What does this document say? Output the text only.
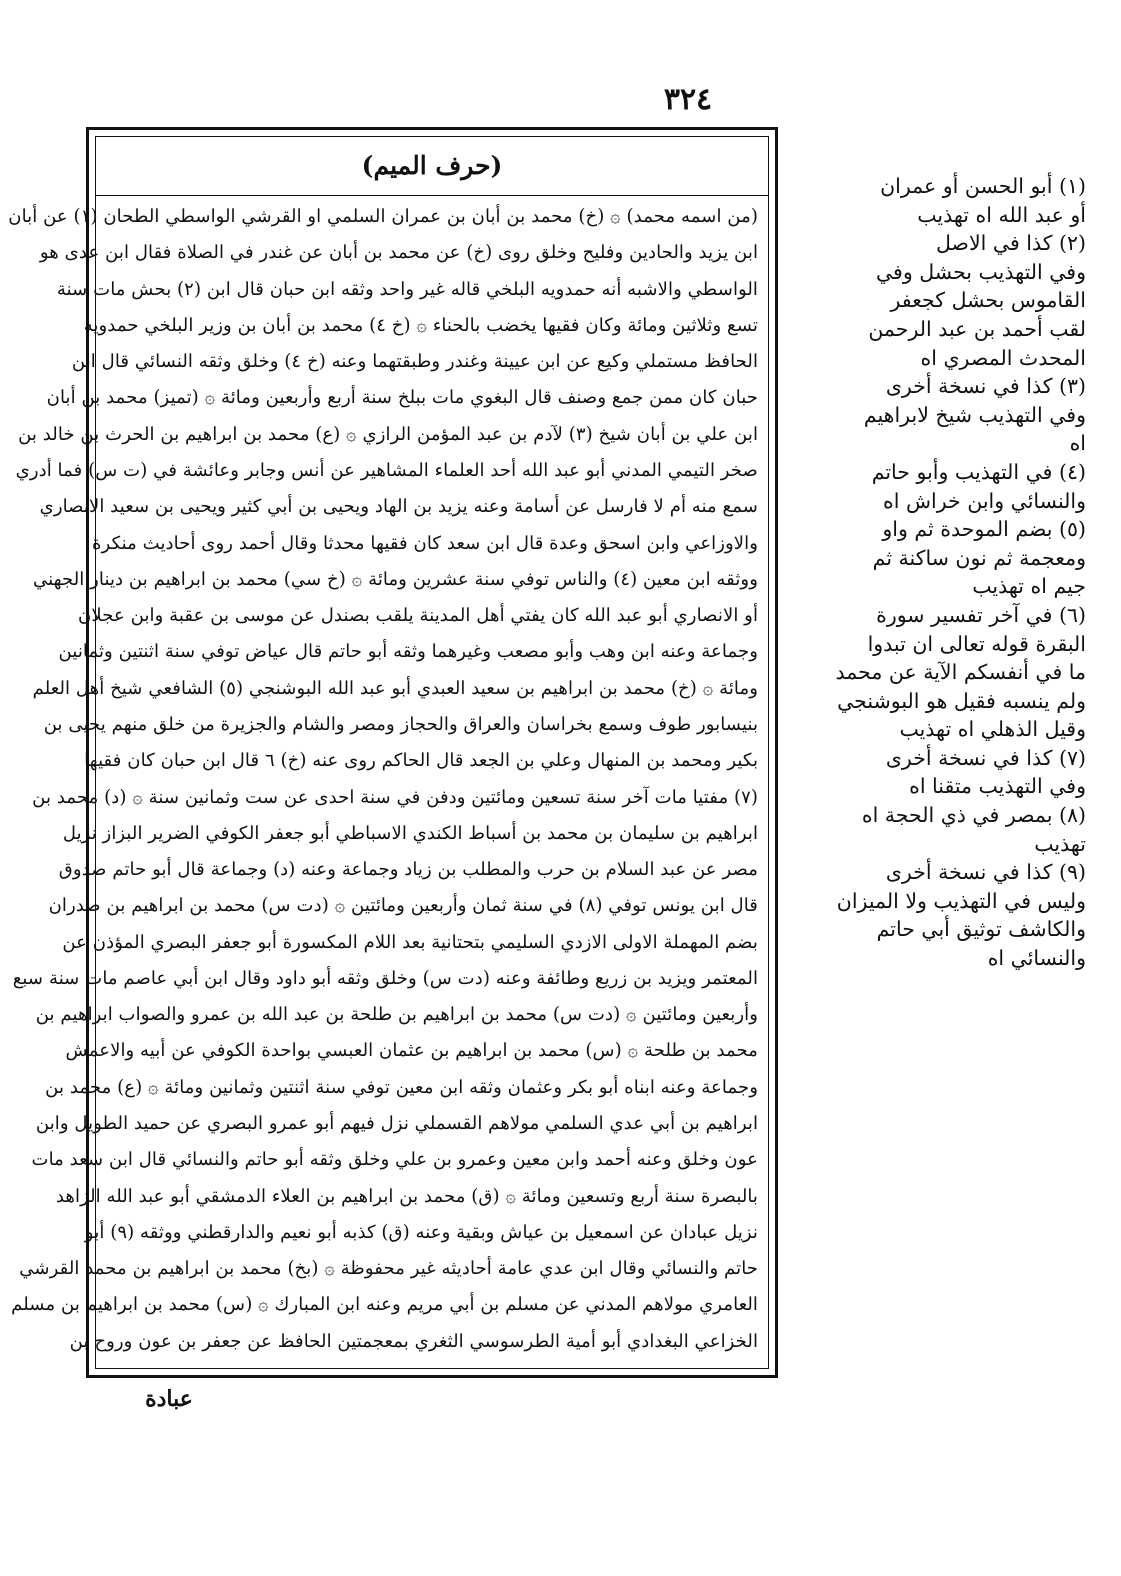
٣٢٤
(حرف الميم)
(من اسمه محمد) ۞ (خ) محمد بن أبان بن عمران السلمي او القرشي الواسطي الطحان (١) عن أبان
ابن يزيد والحادين وفليح وخلق روى (خ) عن محمد بن أبان عن غندر في الصلاة فقال ابن عدى هو
الواسطي والاشبه أنه حمدويه البلخي قاله غير واحد وثقه ابن حبان قال ابن (٢) بحش مات سنة
تسع وثلاثين ومائة وكان فقيها يخضب بالحناء ۞ (خ ٤) محمد بن أبان بن وزير البلخي حمدويه
الحافظ مستملي وكيع عن ابن عيينة وغندر وطبقتهما وعنه (خ ٤) وخلق وثقه النسائي قال ابن
حبان كان ممن جمع وصنف قال البغوي مات ببلخ سنة أربع وأربعين ومائة ۞ (تميز) محمد بن أبان
ابن علي بن أبان شيخ (٣) لآدم بن عبد المؤمن الرازي ۞ (ع) محمد بن ابراهيم بن الحرث بن خالد بن
صخر التيمي المدني أبو عبد الله أحد العلماء المشاهير عن أنس وجابر وعائشة في (ت س) فما أدري
سمع منه أم لا فارسل عن أسامة وعنه يزيد بن الهاد ويحيى بن أبي كثير ويحيى بن سعيد الانصاري
والاوزاعي وابن اسحق وعدة قال ابن سعد كان فقيها محدثا وقال أحمد روى أحاديث منكرة
ووثقه ابن معين (٤) والناس توفي سنة عشرين ومائة ۞ (خ سي) محمد بن ابراهيم بن دينار الجهني
أو الانصاري أبو عبد الله كان يفتي أهل المدينة يلقب بصندل عن موسى بن عقبة وابن عجلان
وجماعة وعنه ابن وهب وأبو مصعب وغيرهما وثقه أبو حاتم قال عياض توفي سنة اثنتين وثمانين
ومائة ۞ (خ) محمد بن ابراهيم بن سعيد العبدي أبو عبد الله البوشنجي (٥) الشافعي شيخ أهل العلم
بنيسابور طوف وسمع بخراسان والعراق والحجاز ومصر والشام والجزيرة من خلق منهم يحيى بن
بكير ومحمد بن المنهال وعلي بن الجعد قال الحاكم روى عنه (خ) ٦ قال ابن حبان كان فقيها
(٧) مفتيا مات آخر سنة تسعين ومائتين ودفن في سنة احدى عن ست وثمانين سنة ۞ (د) محمد بن
ابراهيم بن سليمان بن محمد بن أسباط الكندي الاسباطي أبو جعفر الكوفي الضرير البزاز نزيل
مصر عن عبد السلام بن حرب والمطلب بن زياد وجماعة وعنه (د) وجماعة قال أبو حاتم صدوق
قال ابن يونس توفي (٨) في سنة ثمان وأربعين ومائتين ۞ (دت س) محمد بن ابراهيم بن صدران
بضم المهملة الاولى الازدي السليمي بتحتانية بعد اللام المكسورة أبو جعفر البصري المؤذن عن
المعتمر ويزيد بن زريع وطائفة وعنه (دت س) وخلق وثقه أبو داود وقال ابن أبي عاصم مات سنة سبع
وأربعين ومائتين ۞ (دت س) محمد بن ابراهيم بن طلحة بن عبد الله بن عمرو والصواب ابراهيم بن
محمد بن طلحة ۞ (س) محمد بن ابراهيم بن عثمان العبسي بواحدة الكوفي عن أبيه والاعمش
وجماعة وعنه ابناه أبو بكر وعثمان وثقه ابن معين توفي سنة اثنتين وثمانين ومائة ۞ (ع) محمد بن
ابراهيم بن أبي عدي السلمي مولاهم القسملي نزل فيهم أبو عمرو البصري عن حميد الطويل وابن
عون وخلق وعنه أحمد وابن معين وعمرو بن علي وخلق وثقه أبو حاتم والنسائي قال ابن سعد مات
بالبصرة سنة أربع وتسعين ومائة ۞ (ق) محمد بن ابراهيم بن العلاء الدمشقي أبو عبد الله الزاهد
نزيل عبادان عن اسمعيل بن عياش وبقية وعنه (ق) كذبه أبو نعيم والدارقطني ووثقه (٩) أبو
حاتم والنسائي وقال ابن عدي عامة أحاديثه غير محفوظة ۞ (بخ) محمد بن ابراهيم بن محمد القرشي
العامري مولاهم المدني عن مسلم بن أبي مريم وعنه ابن المبارك ۞ (س) محمد بن ابراهيم بن مسلم
الخزاعي البغدادي أبو أمية الطرسوسي الثغري بمعجمتين الحافظ عن جعفر بن عون وروح بن
(١) أبو الحسن أو عمران
أو عبد الله اه تهذيب
(٢) كذا في الاصل
وفي التهذيب بحشل وفي
القاموس بحشل كجعفر
لقب أحمد بن عبد الرحمن
المحدث المصري اه
(٣) كذا في نسخة أخرى
وفي التهذيب شيخ لابراهيم
اه
(٤) في التهذيب وأبو حاتم
والنسائي وابن خراش اه
(٥) بضم الموحدة ثم واو
ومعجمة ثم نون ساكنة ثم
جيم اه تهذيب
(٦) في آخر تفسير سورة
البقرة قوله تعالى ان تبدوا
ما في أنفسكم الآية عن محمد
ولم ينسبه فقيل هو البوشنجي
وقيل الذهلي اه تهذيب
(٧) كذا في نسخة أخرى
وفي التهذيب متقنا اه
(٨) بمصر في ذي الحجة اه
تهذيب
(٩) كذا في نسخة أخرى
وليس في التهذيب ولا الميزان
والكاشف توثيق أبي حاتم
والنسائي اه
عبادة
